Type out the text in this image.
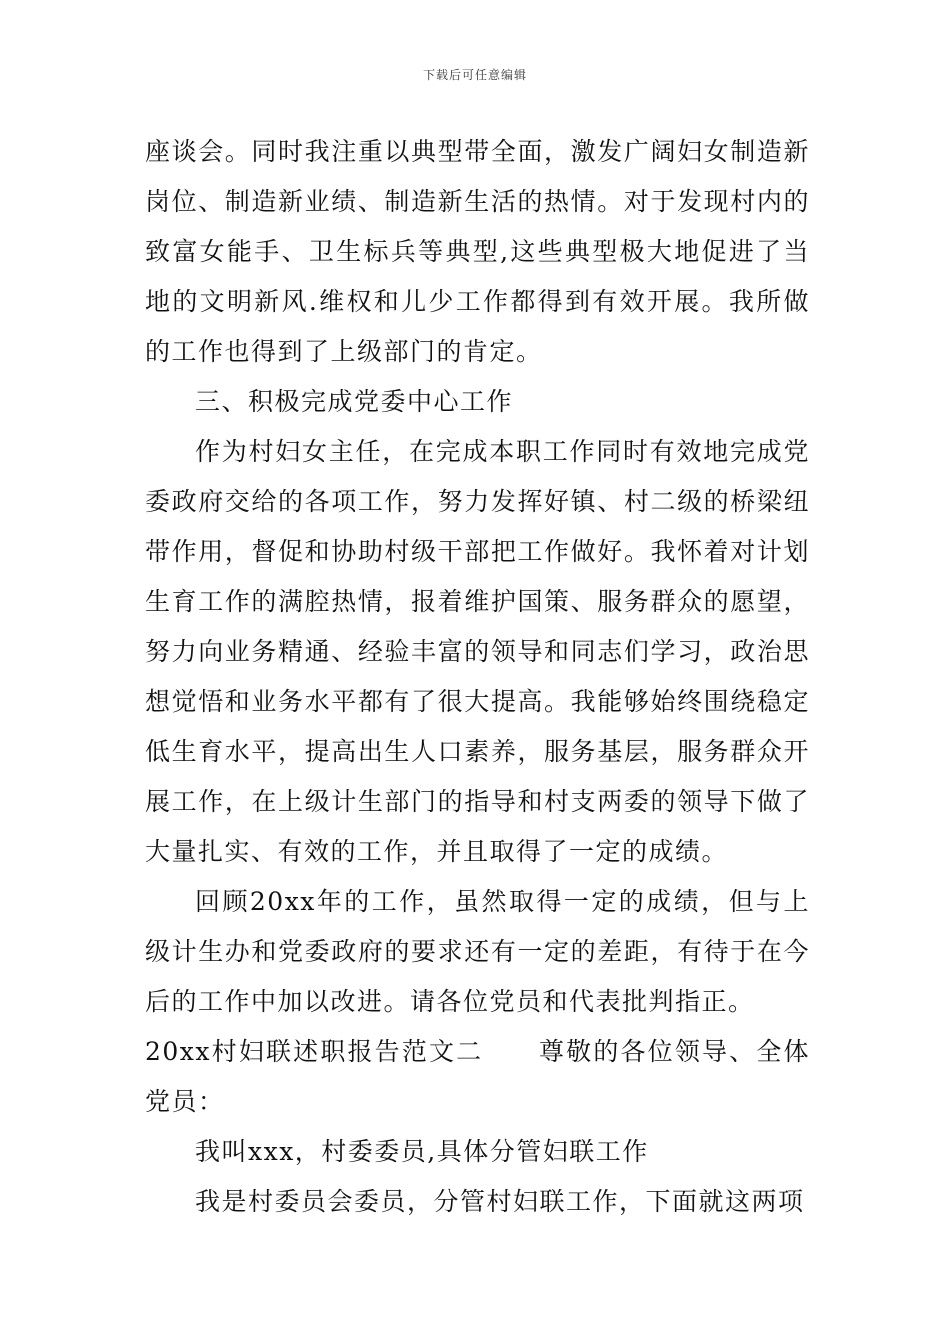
下载后可任意编辑

座谈会。同时我注重以典型带全面，激发广阔妇女制造新岗位、制造新业绩、制造新生活的热情。对于发现村内的致富女能手、卫生标兵等典型,这些典型极大地促进了当地的文明新风.维权和儿少工作都得到有效开展。我所做的工作也得到了上级部门的肯定。

三、积极完成党委中心工作

作为村妇女主任，在完成本职工作同时有效地完成党委政府交给的各项工作，努力发挥好镇、村二级的桥梁纽带作用，督促和协助村级干部把工作做好。我怀着对计划生育工作的满腔热情，报着维护国策、服务群众的愿望，努力向业务精通、经验丰富的领导和同志们学习，政治思想觉悟和业务水平都有了很大提高。我能够始终围绕稳定低生育水平，提高出生人口素养，服务基层，服务群众开展工作，在上级计生部门的指导和村支两委的领导下做了大量扎实、有效的工作，并且取得了一定的成绩。

回顾20xx年的工作，虽然取得一定的成绩，但与上级计生办和党委政府的要求还有一定的差距，有待于在今后的工作中加以改进。请各位党员和代表批判指正。

20xx村妇联述职报告范文二 尊敬的各位领导、全体党员：

我叫xxx，村委委员,具体分管妇联工作

我是村委员会委员，分管村妇联工作，下面就这两项
